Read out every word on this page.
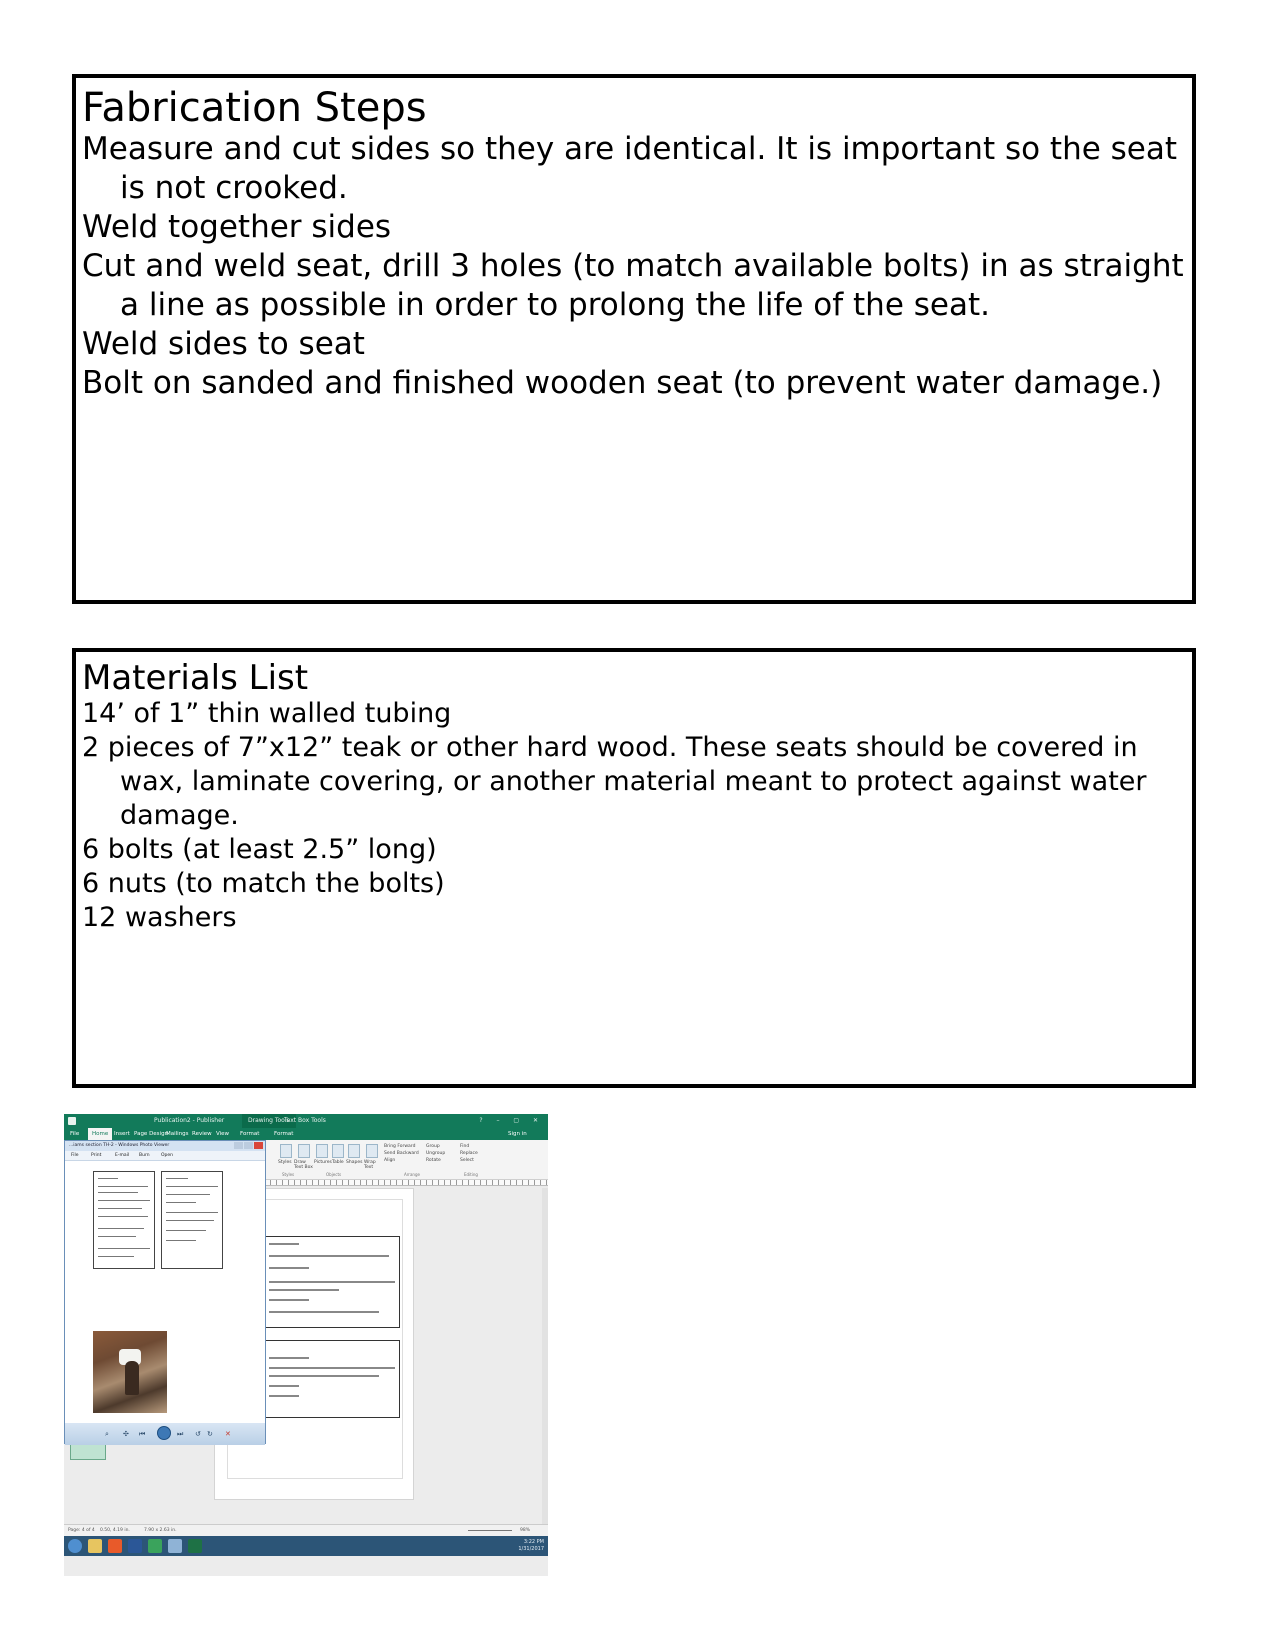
Fabrication Steps
Measure and cut sides so they are identical. It is important so the seat is not crooked.
Weld together sides
Cut and weld seat, drill 3 holes (to match available bolts) in as straight a line as possible in order to prolong the life of the seat.
Weld sides to seat
Bolt on sanded and finished wooden seat (to prevent water damage.)
Materials List
14’ of 1” thin walled tubing
2 pieces of 7”x12” teak or other hard wood. These seats should be covered in wax, laminate covering, or another material meant to protect against water damage.
6 bolts (at least 2.5” long)
6 nuts (to match the bolts)
12 washers
Publication2 - Publisher	Drawing Tools
Text Box Tools	? – ▢ ✕
File	Home	Insert Page Design
Mailings Review View Format	Format	Sign in
Styles Draw Text Box
Pictures Table Shapes Wrap Text
Bring Forward
Send Backward
Align
Group
Ungroup
Rotate
Find
Replace
Select
Styles	Objects	Arrange	Editing
...iams section TH-2 - Windows Photo Viewer
File	Print	E-mail Burn	Open
⌕ ✣ ⏮	⏭ ↺ ↻ ✕
Page: 4 of 4 0.50, 4.19 in.	7.90 x 2.63 in.	98%
3:22 PM
1/31/2017
